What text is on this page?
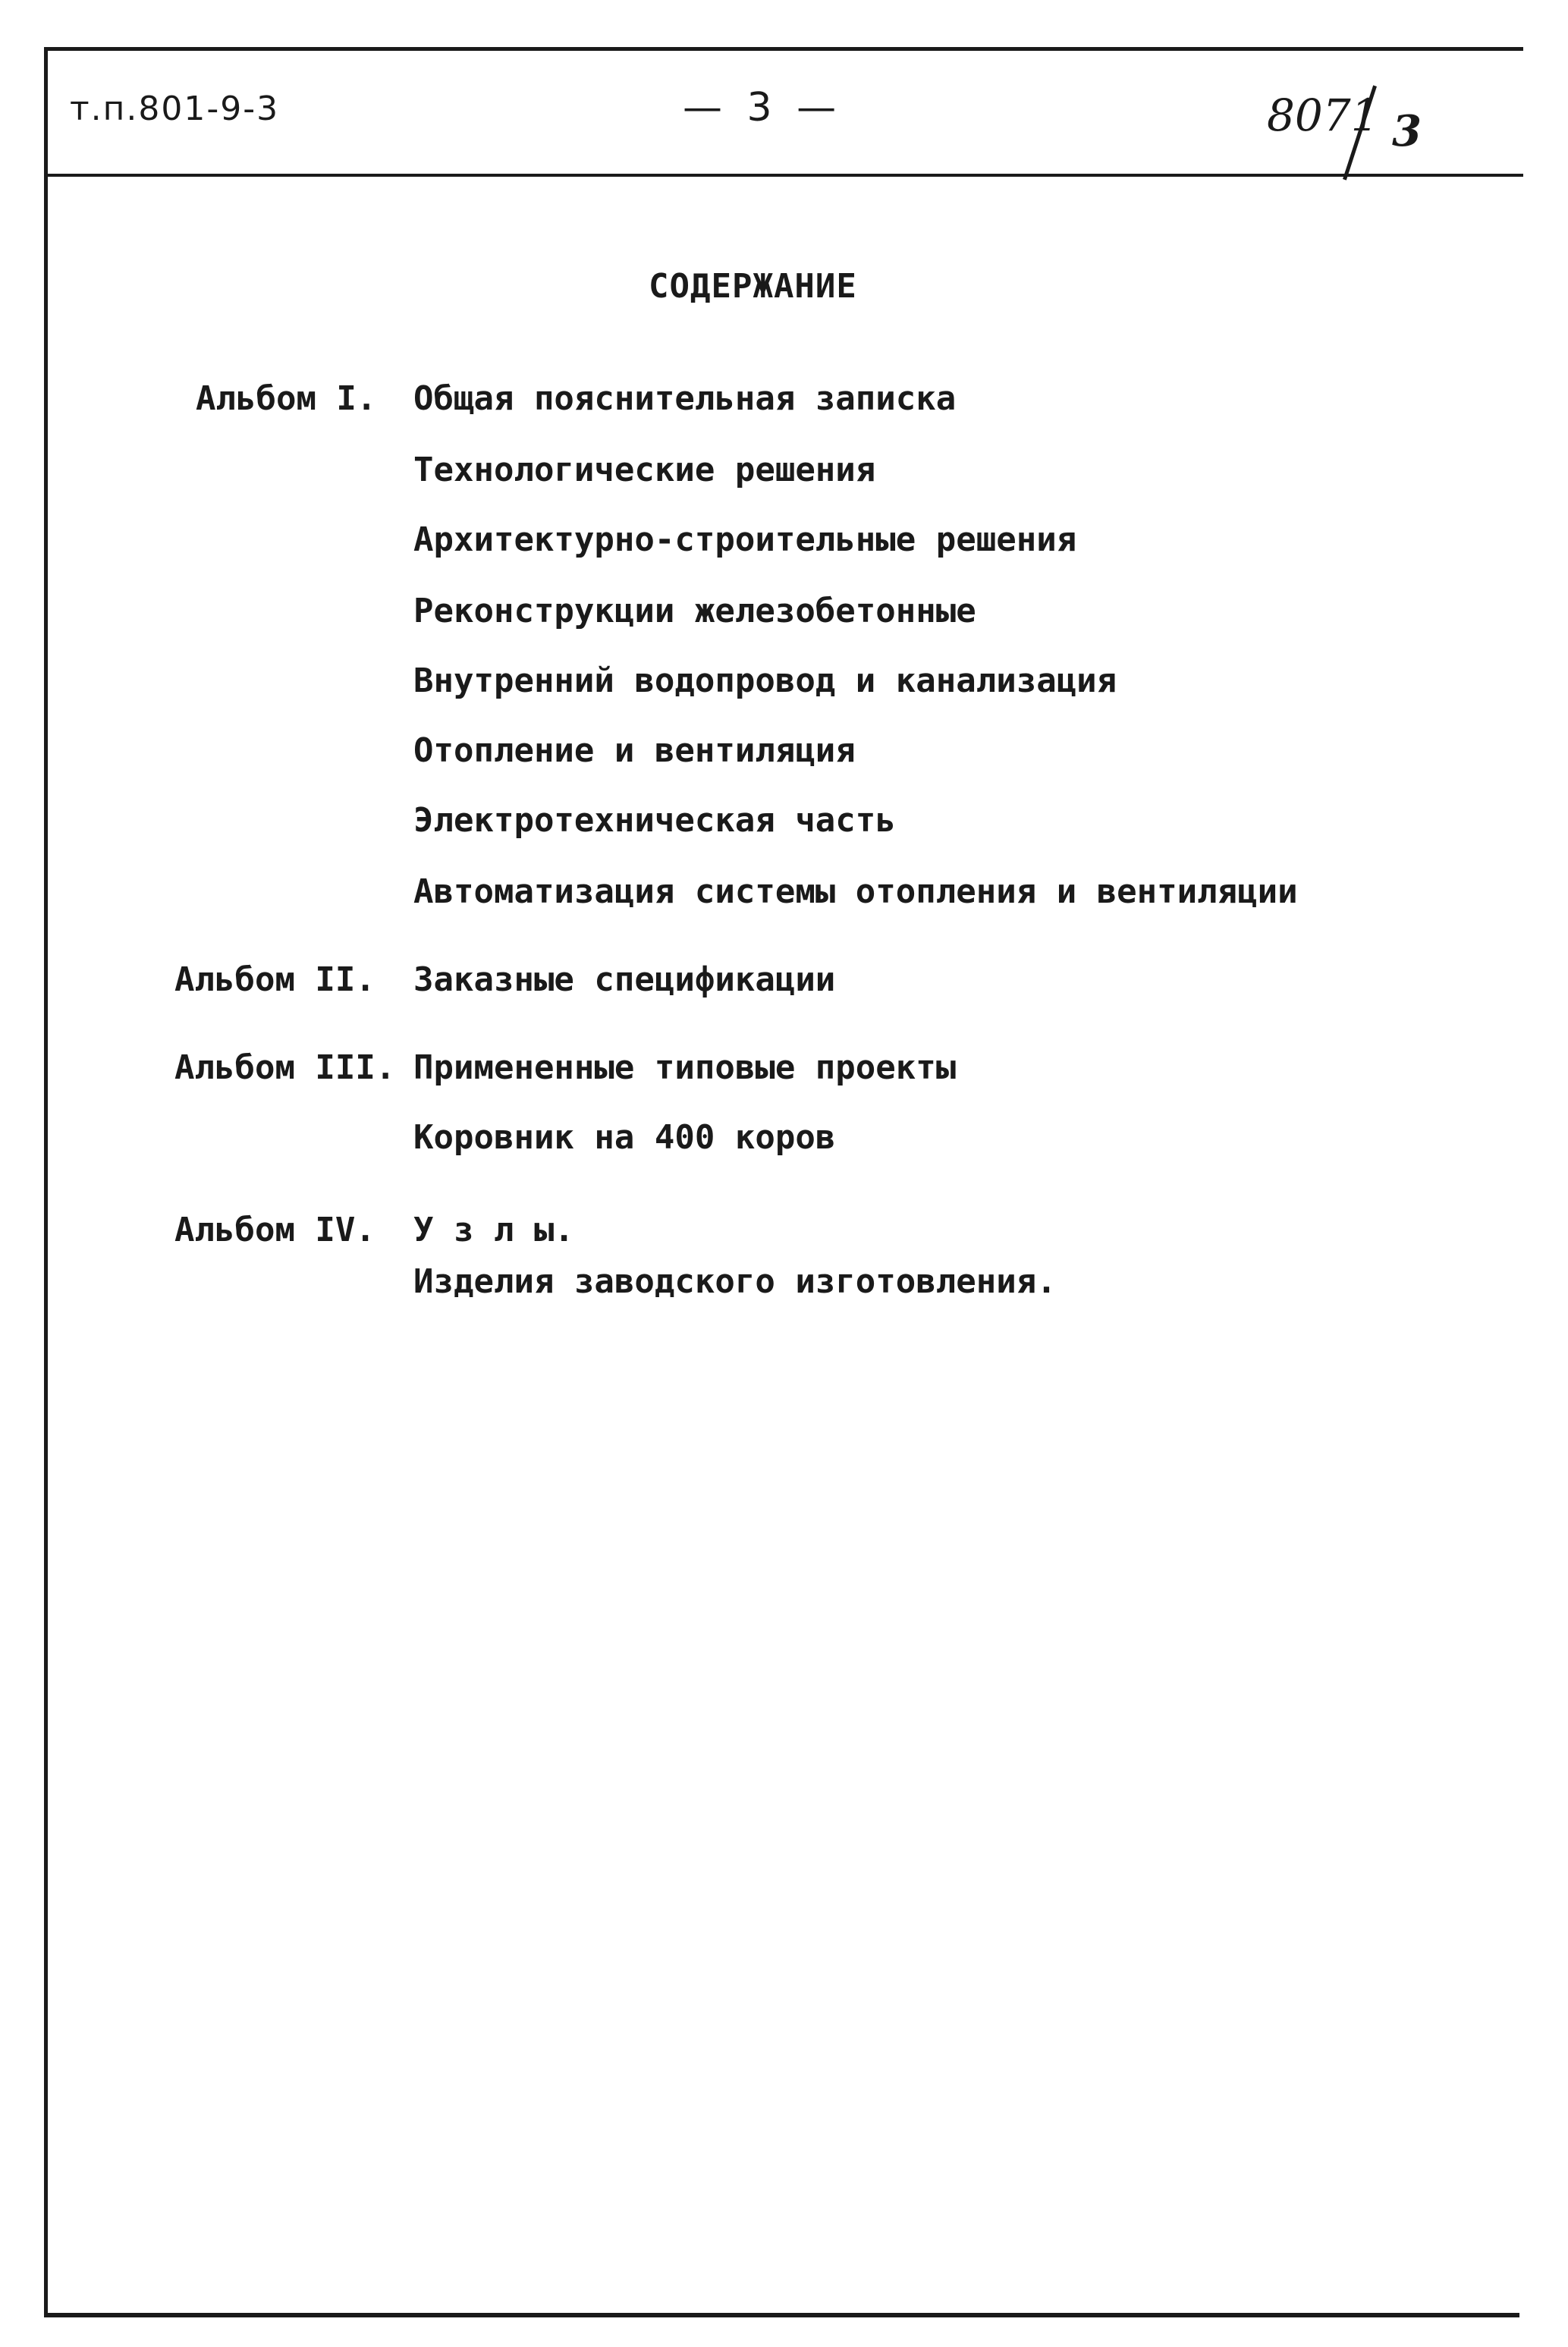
т.п.801-9-3	— 3 —	8071 3
СОДЕРЖАНИЕ
Альбом I. Общая пояснительная записка
Технологические решения
Архитектурно-строительные решения
Реконструкции железобетонные
Внутренний водопровод и канализация
Отопление и вентиляция
Электротехническая часть
Автоматизация системы отопления и вентиляции
Альбом II. Заказные спецификации
Альбом III. Примененные типовые проекты
Коровник на 400 коров
Альбом IV. У з л ы.
Изделия заводского изготовления.
